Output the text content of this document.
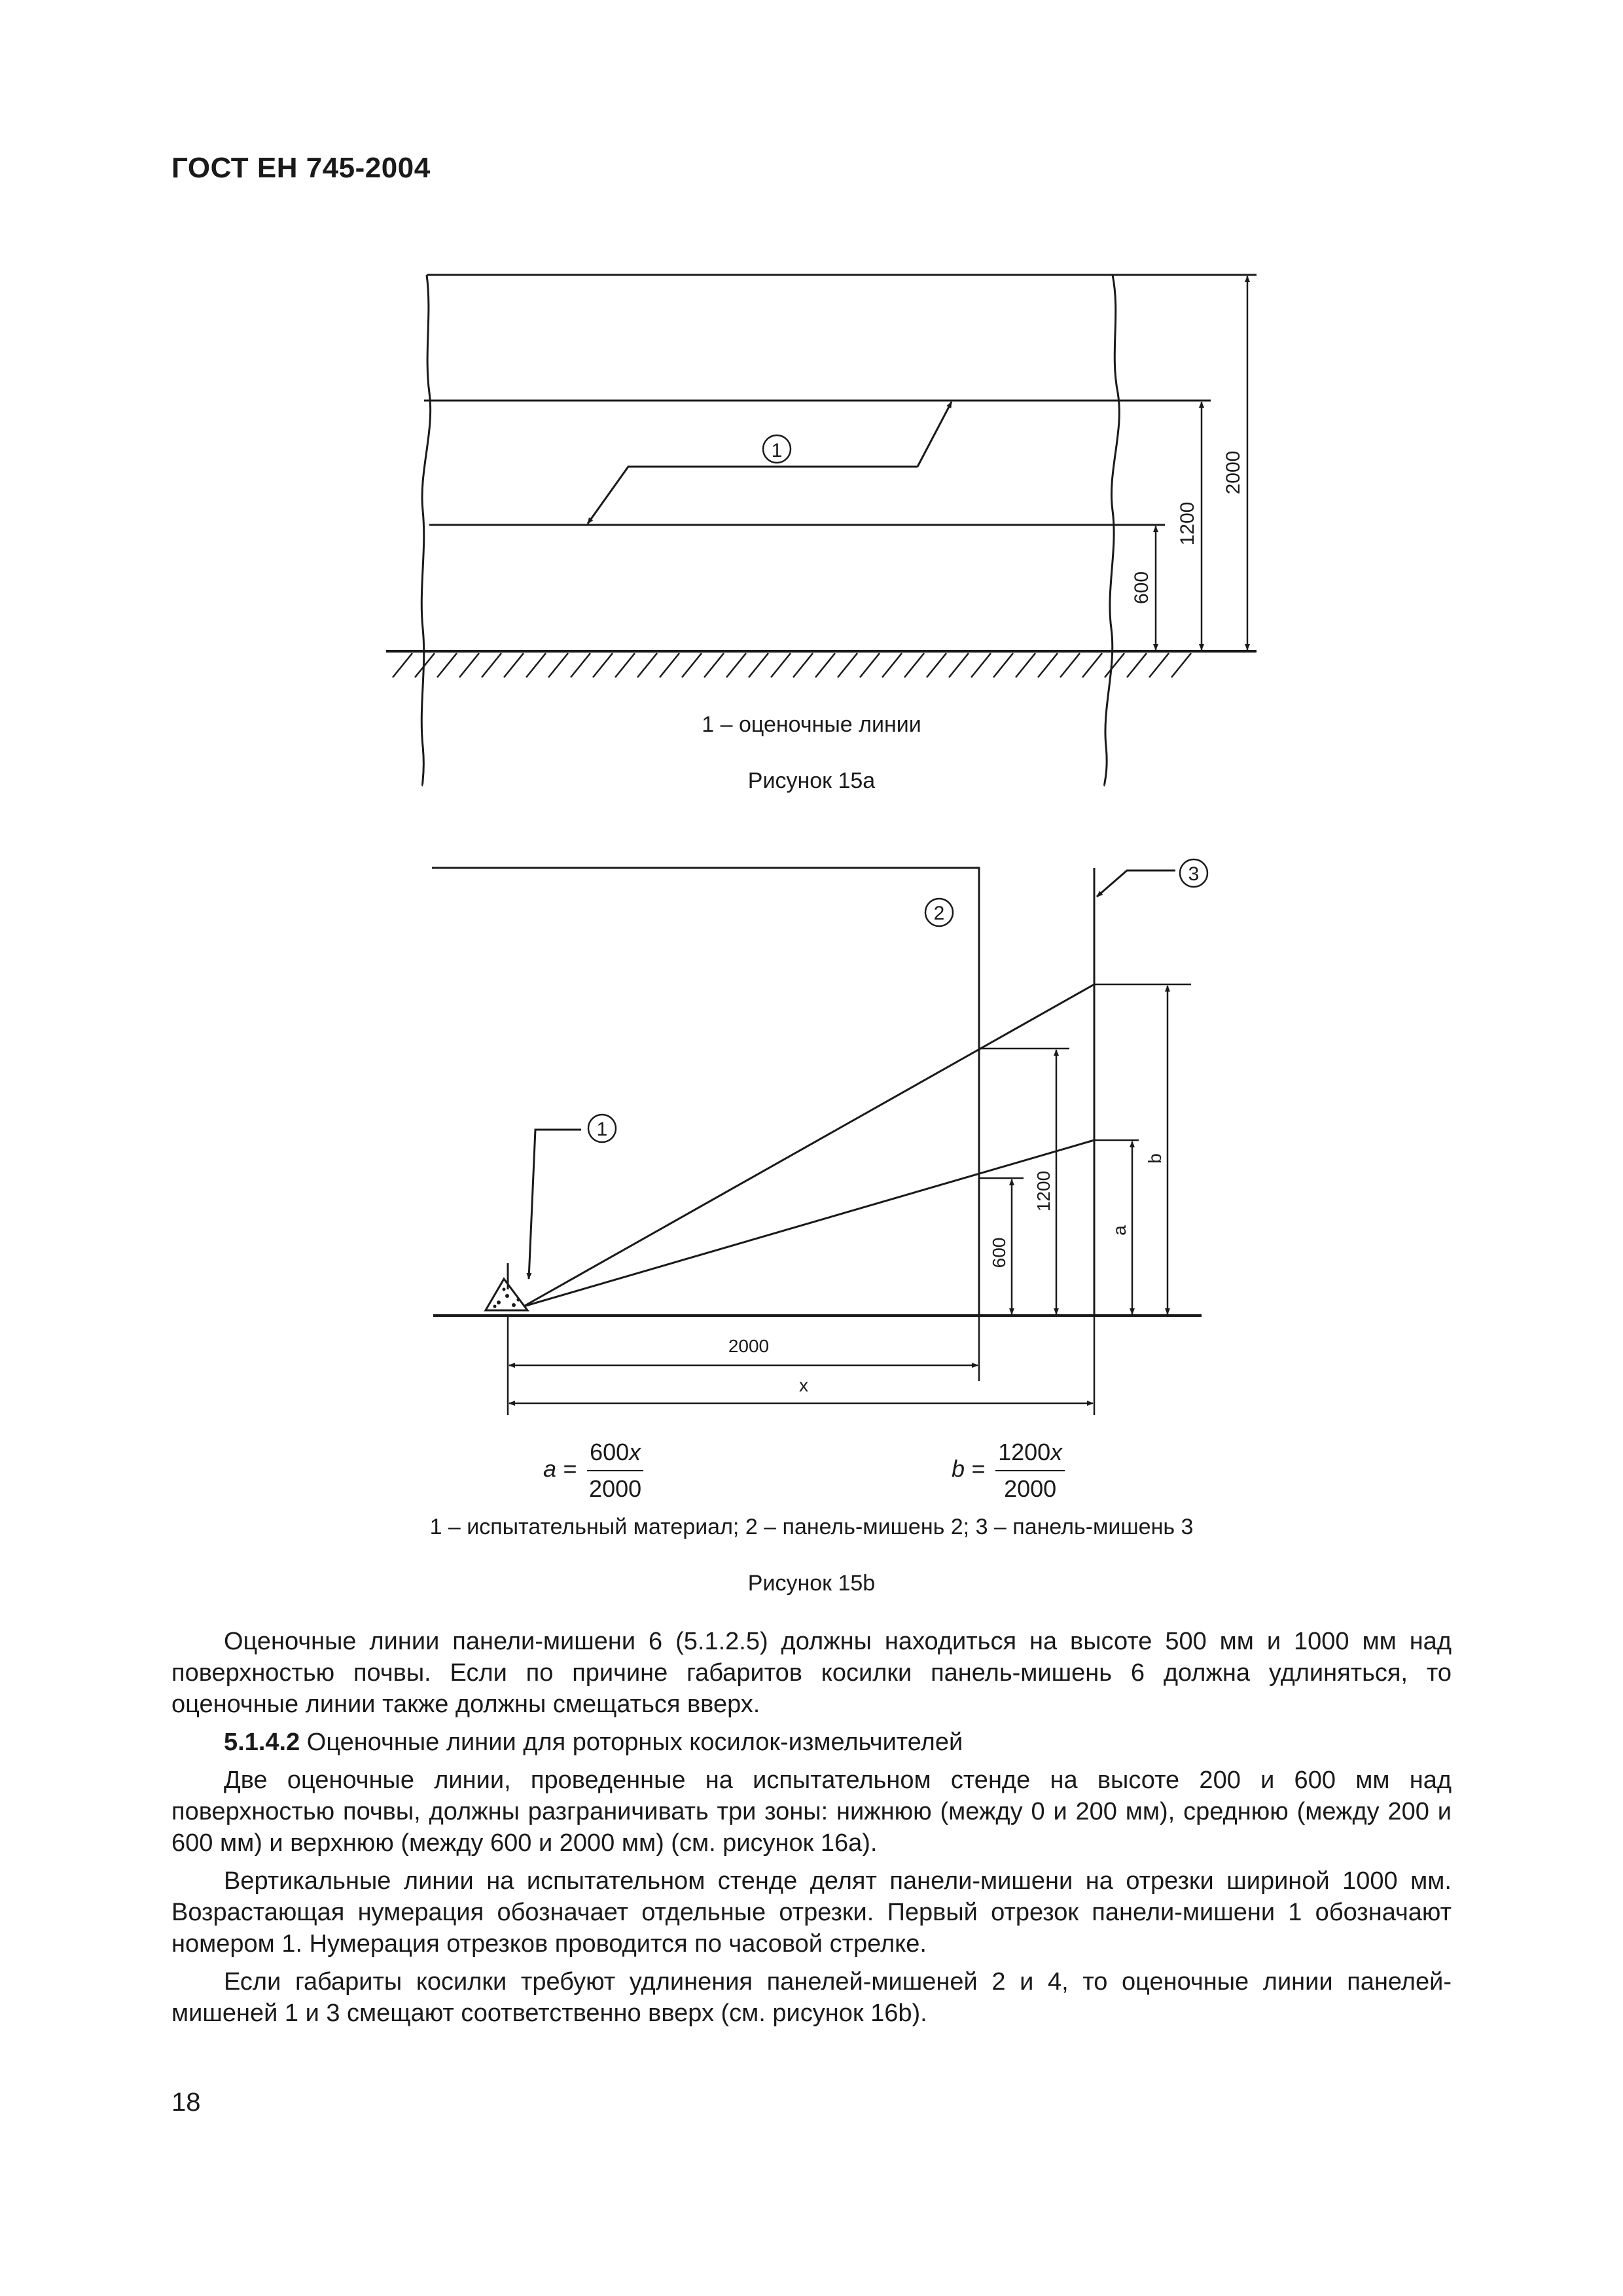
ГОСТ ЕН 745-2004
1
600
1200
2000
1 – оценочные линии
Рисунок 15a
600
1200
a
b
1
2
3
2000
x
$a = \frac{600x}{2000}$	$b = \frac{1200x}{2000}$
1 – испытательный материал; 2 – панель-мишень 2; 3 – панель-мишень 3
Рисунок 15b

Оценочные линии панели-мишени 6 (5.1.2.5) должны находиться на высоте 500 мм и 1000 мм над поверхностью почвы. Если по причине габаритов косилки панель-мишень 6 должна удлиняться, то оценочные линии также должны смещаться вверх.

5.1.4.2 Оценочные линии для роторных косилок-измельчителей

Две оценочные линии, проведенные на испытательном стенде на высоте 200 и 600 мм над поверхностью почвы, должны разграничивать три зоны: нижнюю (между 0 и 200 мм), среднюю (между 200 и 600 мм) и верхнюю (между 600 и 2000 мм) (см. рисунок 16a).

Вертикальные линии на испытательном стенде делят панели-мишени на отрезки шириной 1000 мм. Возрастающая нумерация обозначает отдельные отрезки. Первый отрезок панели-мишени 1 обозначают номером 1. Нумерация отрезков проводится по часовой стрелке.

Если габариты косилки требуют удлинения панелей-мишеней 2 и 4, то оценочные линии панелей-мишеней 1 и 3 смещают соответственно вверх (см. рисунок 16b).

18
